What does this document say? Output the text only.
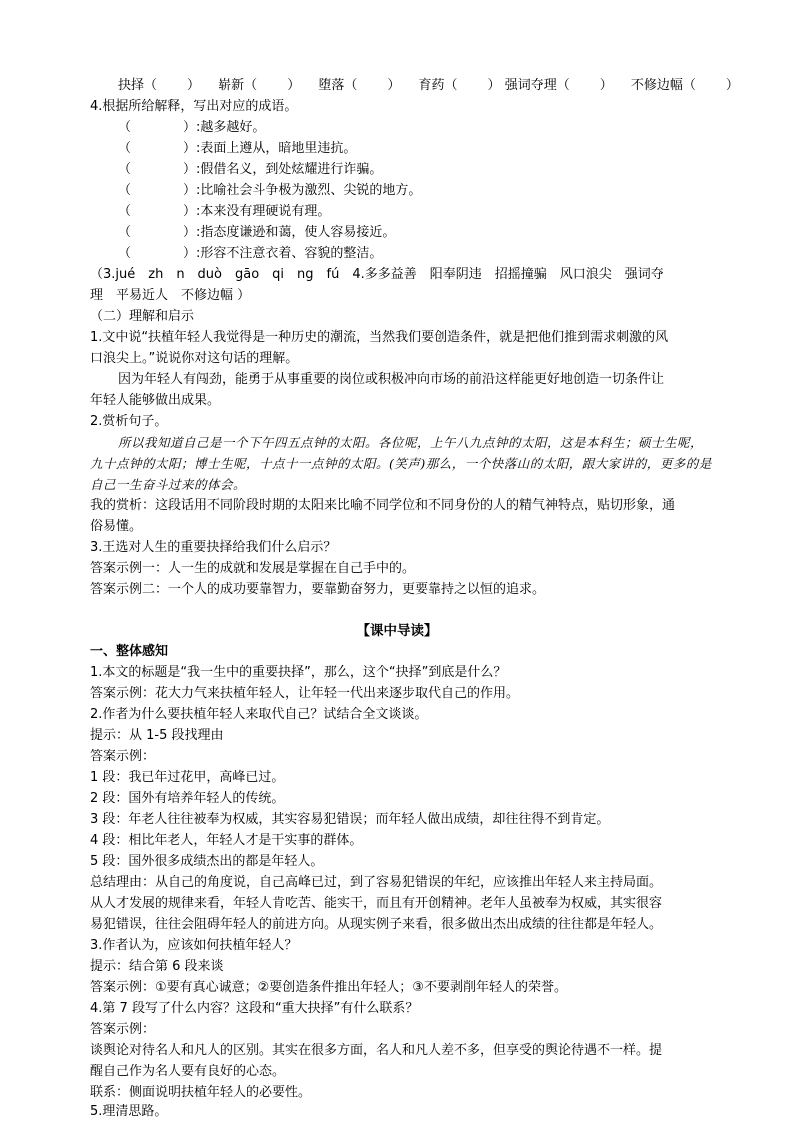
抉择（ ） 崭新（ ） 堕落（ ） 育药（ ） 强词夺理（ ） 不修边幅（ ）
4.根据所给解释，写出对应的成语。
（　　　　）:越多越好。
（　　　　）:表面上遵从，暗地里违抗。
（　　　　）:假借名义，到处炫耀进行诈骗。
（　　　　）:比喻社会斗争极为激烈、尖锐的地方。
（　　　　）:本来没有理硬说有理。
（　　　　）:指态度谦逊和蔼，使人容易接近。
（　　　　）:形容不注意衣着、容貌的整洁。
（3.jué　zh　n　duò　gāo　qi　ng　fú　4.多多益善　阳奉阴违　招摇撞骗　风口浪尖　强词夺
理　平易近人　不修边幅 ）
（二）理解和启示
1.文中说“扶植年轻人我觉得是一种历史的潮流，当然我们要创造条件，就是把他们推到需求刺激的风
口浪尖上。”说说你对这句话的理解。
因为年轻人有闯劲，能勇于从事重要的岗位或积极冲向市场的前沿这样能更好地创造一切条件让
年轻人能够做出成果。
2.赏析句子。
所以我知道自己是一个下午四五点钟的太阳。各位呢，上午八九点钟的太阳，这是本科生；硕士生呢，
九十点钟的太阳；博士生呢，十点十一点钟的太阳。(笑声)那么，一个快落山的太阳，跟大家讲的，更多的是
自己一生奋斗过来的体会。
我的赏析：这段话用不同阶段时期的太阳来比喻不同学位和不同身份的人的精气神特点，贴切形象，通
俗易懂。
3.王选对人生的重要抉择给我们什么启示？
答案示例一：人一生的成就和发展是掌握在自己手中的。
答案示例二：一个人的成功要靠智力，要靠勤奋努力，更要靠持之以恒的追求。
【课中导读】
一、整体感知
1.本文的标题是“我一生中的重要抉择”，那么，这个“抉择”到底是什么？
答案示例：花大力气来扶植年轻人，让年轻一代出来逐步取代自己的作用。
2.作者为什么要扶植年轻人来取代自己？试结合全文谈谈。
提示：从 1-5 段找理由
答案示例：
1 段：我已年过花甲，高峰已过。
2 段：国外有培养年轻人的传统。
3 段：年老人往往被奉为权威，其实容易犯错误；而年轻人做出成绩，却往往得不到肯定。
4 段：相比年老人，年轻人才是干实事的群体。
5 段：国外很多成绩杰出的都是年轻人。
总结理由：从自己的角度说，自己高峰已过，到了容易犯错误的年纪，应该推出年轻人来主持局面。
从人才发展的规律来看，年轻人肯吃苦、能实干，而且有开创精神。老年人虽被奉为权威，其实很容
易犯错误，往往会阻碍年轻人的前进方向。从现实例子来看，很多做出杰出成绩的往往都是年轻人。
3.作者认为，应该如何扶植年轻人？
提示：结合第 6 段来谈
答案示例：①要有真心诚意；②要创造条件推出年轻人；③不要剥削年轻人的荣誉。
4.第 7 段写了什么内容？这段和“重大抉择”有什么联系？
答案示例：
谈舆论对待名人和凡人的区别。其实在很多方面，名人和凡人差不多，但享受的舆论待遇不一样。提
醒自己作为名人要有良好的心态。
联系：侧面说明扶植年轻人的必要性。
5.理清思路。
